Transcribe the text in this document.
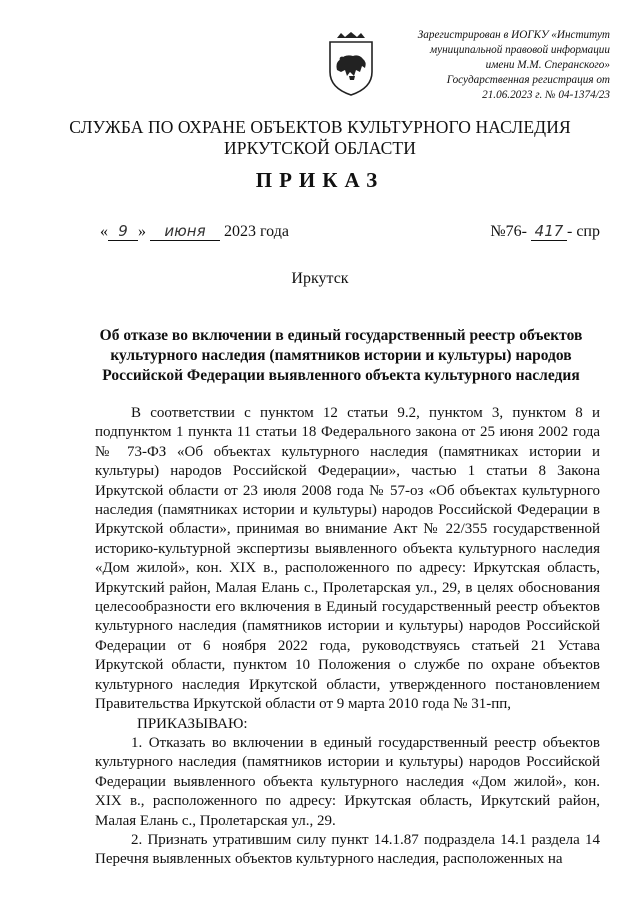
Зарегистрирован в ИОГКУ «Институт
муниципальной правовой информации
имени М.М. Сперанского»
Государственная регистрация от
21.06.2023 г. № 04-1374/23
СЛУЖБА ПО ОХРАНЕ ОБЪЕКТОВ КУЛЬТУРНОГО НАСЛЕДИЯ
ИРКУТСКОЙ ОБЛАСТИ
ПРИКАЗ
« 9 » июня 2023 года	№76- 417 - спр
Иркутск
Об отказе во включении в единый государственный реестр объектов культурного наследия (памятников истории и культуры) народов Российской Федерации выявленного объекта культурного наследия

В соответствии с пунктом 12 статьи 9.2, пунктом 3, пунктом 8 и подпунктом 1 пункта 11 статьи 18 Федерального закона от 25 июня 2002 года № 73-ФЗ «Об объектах культурного наследия (памятниках истории и культуры) народов Российской Федерации», частью 1 статьи 8 Закона Иркутской области от 23 июля 2008 года № 57-оз «Об объектах культурного наследия (памятниках истории и культуры) народов Российской Федерации в Иркутской области», принимая во внимание Акт № 22/355 государственной историко-культурной экспертизы выявленного объекта культурного наследия «Дом жилой», кон. XIX в., расположенного по адресу: Иркутская область, Иркутский район, Малая Елань с., Пролетарская ул., 29, в целях обоснования целесообразности его включения в Единый государственный реестр объектов культурного наследия (памятников истории и культуры) народов Российской Федерации от 6 ноября 2022 года, руководствуясь статьей 21 Устава Иркутской области, пунктом 10 Положения о службе по охране объектов культурного наследия Иркутской области, утвержденного постановлением Правительства Иркутской области от 9 марта 2010 года № 31-пп,

ПРИКАЗЫВАЮ:

1. Отказать во включении в единый государственный реестр объектов культурного наследия (памятников истории и культуры) народов Российской Федерации выявленного объекта культурного наследия «Дом жилой», кон. XIX в., расположенного по адресу: Иркутская область, Иркутский район, Малая Елань с., Пролетарская ул., 29.

2. Признать утратившим силу пункт 14.1.87 подраздела 14.1 раздела 14 Перечня выявленных объектов культурного наследия, расположенных на
